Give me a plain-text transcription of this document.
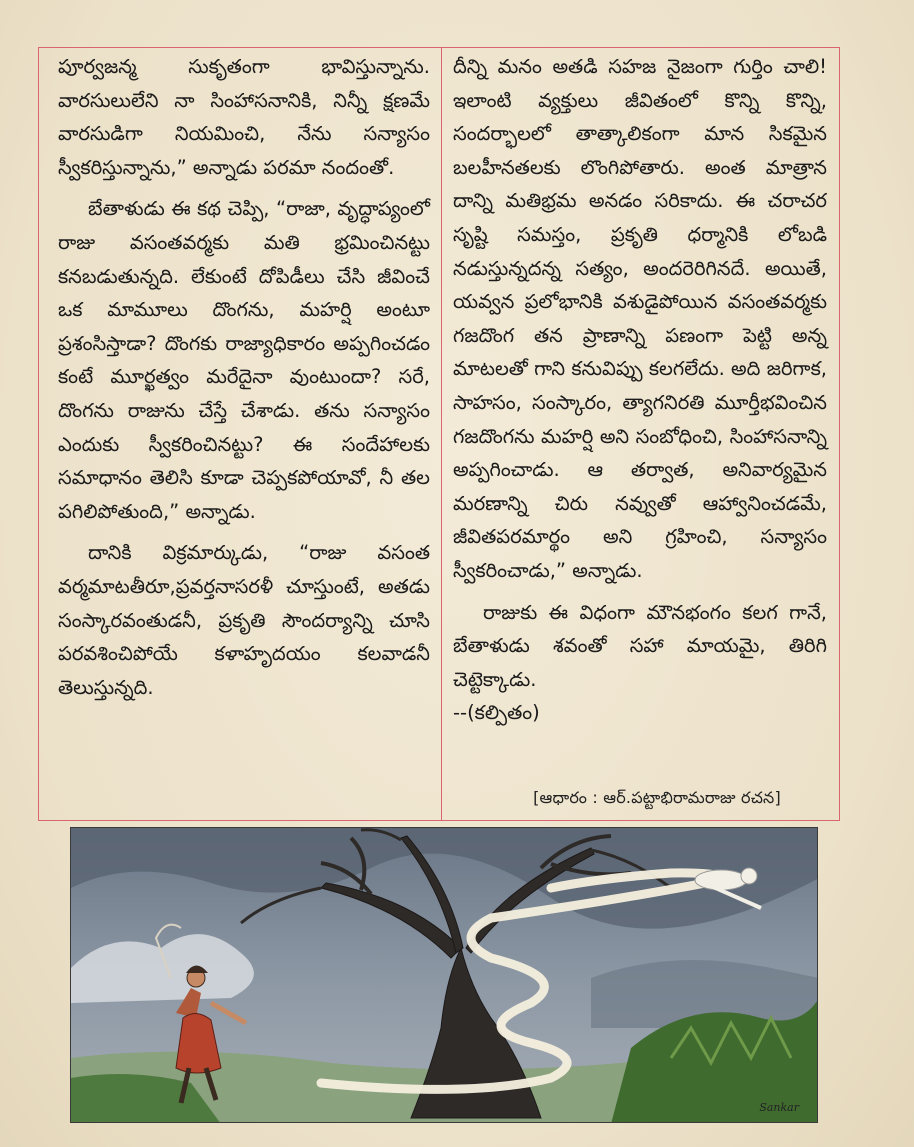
పూర్వజన్మ సుకృతంగా భావిస్తున్నాను. వారసులులేని నా సింహాసనానికి, నిన్నీ క్షణమే వారసుడిగా నియమించి, నేను సన్యాసం స్వీకరిస్తున్నాను,” అన్నాడు పరమా నందంతో.

బేతాళుడు ఈ కథ చెప్పి, “రాజా, వృద్ధాప్యంలో రాజు వసంతవర్మకు మతి భ్రమించినట్టు కనబడుతున్నది. లేకుంటే దోపిడీలు చేసి జీవించే ఒక మామూలు దొంగను, మహర్షి అంటూ ప్రశంసిస్తాడా? దొంగకు రాజ్యాధికారం అప్పగించడం కంటే మూర్ఖత్వం మరేదైనా వుంటుందా? సరే, దొంగను రాజును చేస్తే చేశాడు. తను సన్యాసం ఎందుకు స్వీకరించినట్టు? ఈ సందేహాలకు సమాధానం తెలిసి కూడా చెప్పకపోయావో, నీ తల పగిలిపోతుంది,” అన్నాడు.

దానికి విక్రమార్కుడు, “రాజు వసంత వర్మమాటతీరూ,ప్రవర్తనాసరళీ చూస్తుంటే, అతడు సంస్కారవంతుడనీ, ప్రకృతి సౌందర్యాన్ని చూసి పరవశించిపోయే కళాహృదయం కలవాడనీ తెలుస్తున్నది.

దీన్ని మనం అతడి సహజ నైజంగా గుర్తిం చాలి! ఇలాంటి వ్యక్తులు జీవితంలో కొన్ని కొన్ని, సందర్భాలలో తాత్కాలికంగా మాన సికమైన బలహీనతలకు లొంగిపోతారు. అంత మాత్రాన దాన్ని మతిభ్రమ అనడం సరికాదు. ఈ చరాచర సృష్టి సమస్తం, ప్రకృతి ధర్మానికి లోబడి నడుస్తున్నదన్న సత్యం, అందరెరిగినదే. అయితే, యవ్వన ప్రలోభానికి వశుడైపోయిన వసంతవర్మకు గజదొంగ తన ప్రాణాన్ని పణంగా పెట్టి అన్న మాటలతో గాని కనువిప్పు కలగలేదు. అది జరిగాక, సాహసం, సంస్కారం, త్యాగనిరతి మూర్తీభవించిన గజదొంగను మహర్షి అని సంబోధించి, సింహాసనాన్ని అప్పగించాడు. ఆ తర్వాత, అనివార్యమైన మరణాన్ని చిరు నవ్వుతో ఆహ్వానించడమే, జీవితపరమార్థం అని గ్రహించి, సన్యాసం స్వీకరించాడు,” అన్నాడు.

రాజుకు ఈ విధంగా మౌనభంగం కలగ గానే, బేతాళుడు శవంతో సహా మాయమై, తిరిగి చెట్టెక్కాడు.

--(కల్పితం)

[ఆధారం : ఆర్.పట్టాభిరామరాజు రచన]
Sankar
